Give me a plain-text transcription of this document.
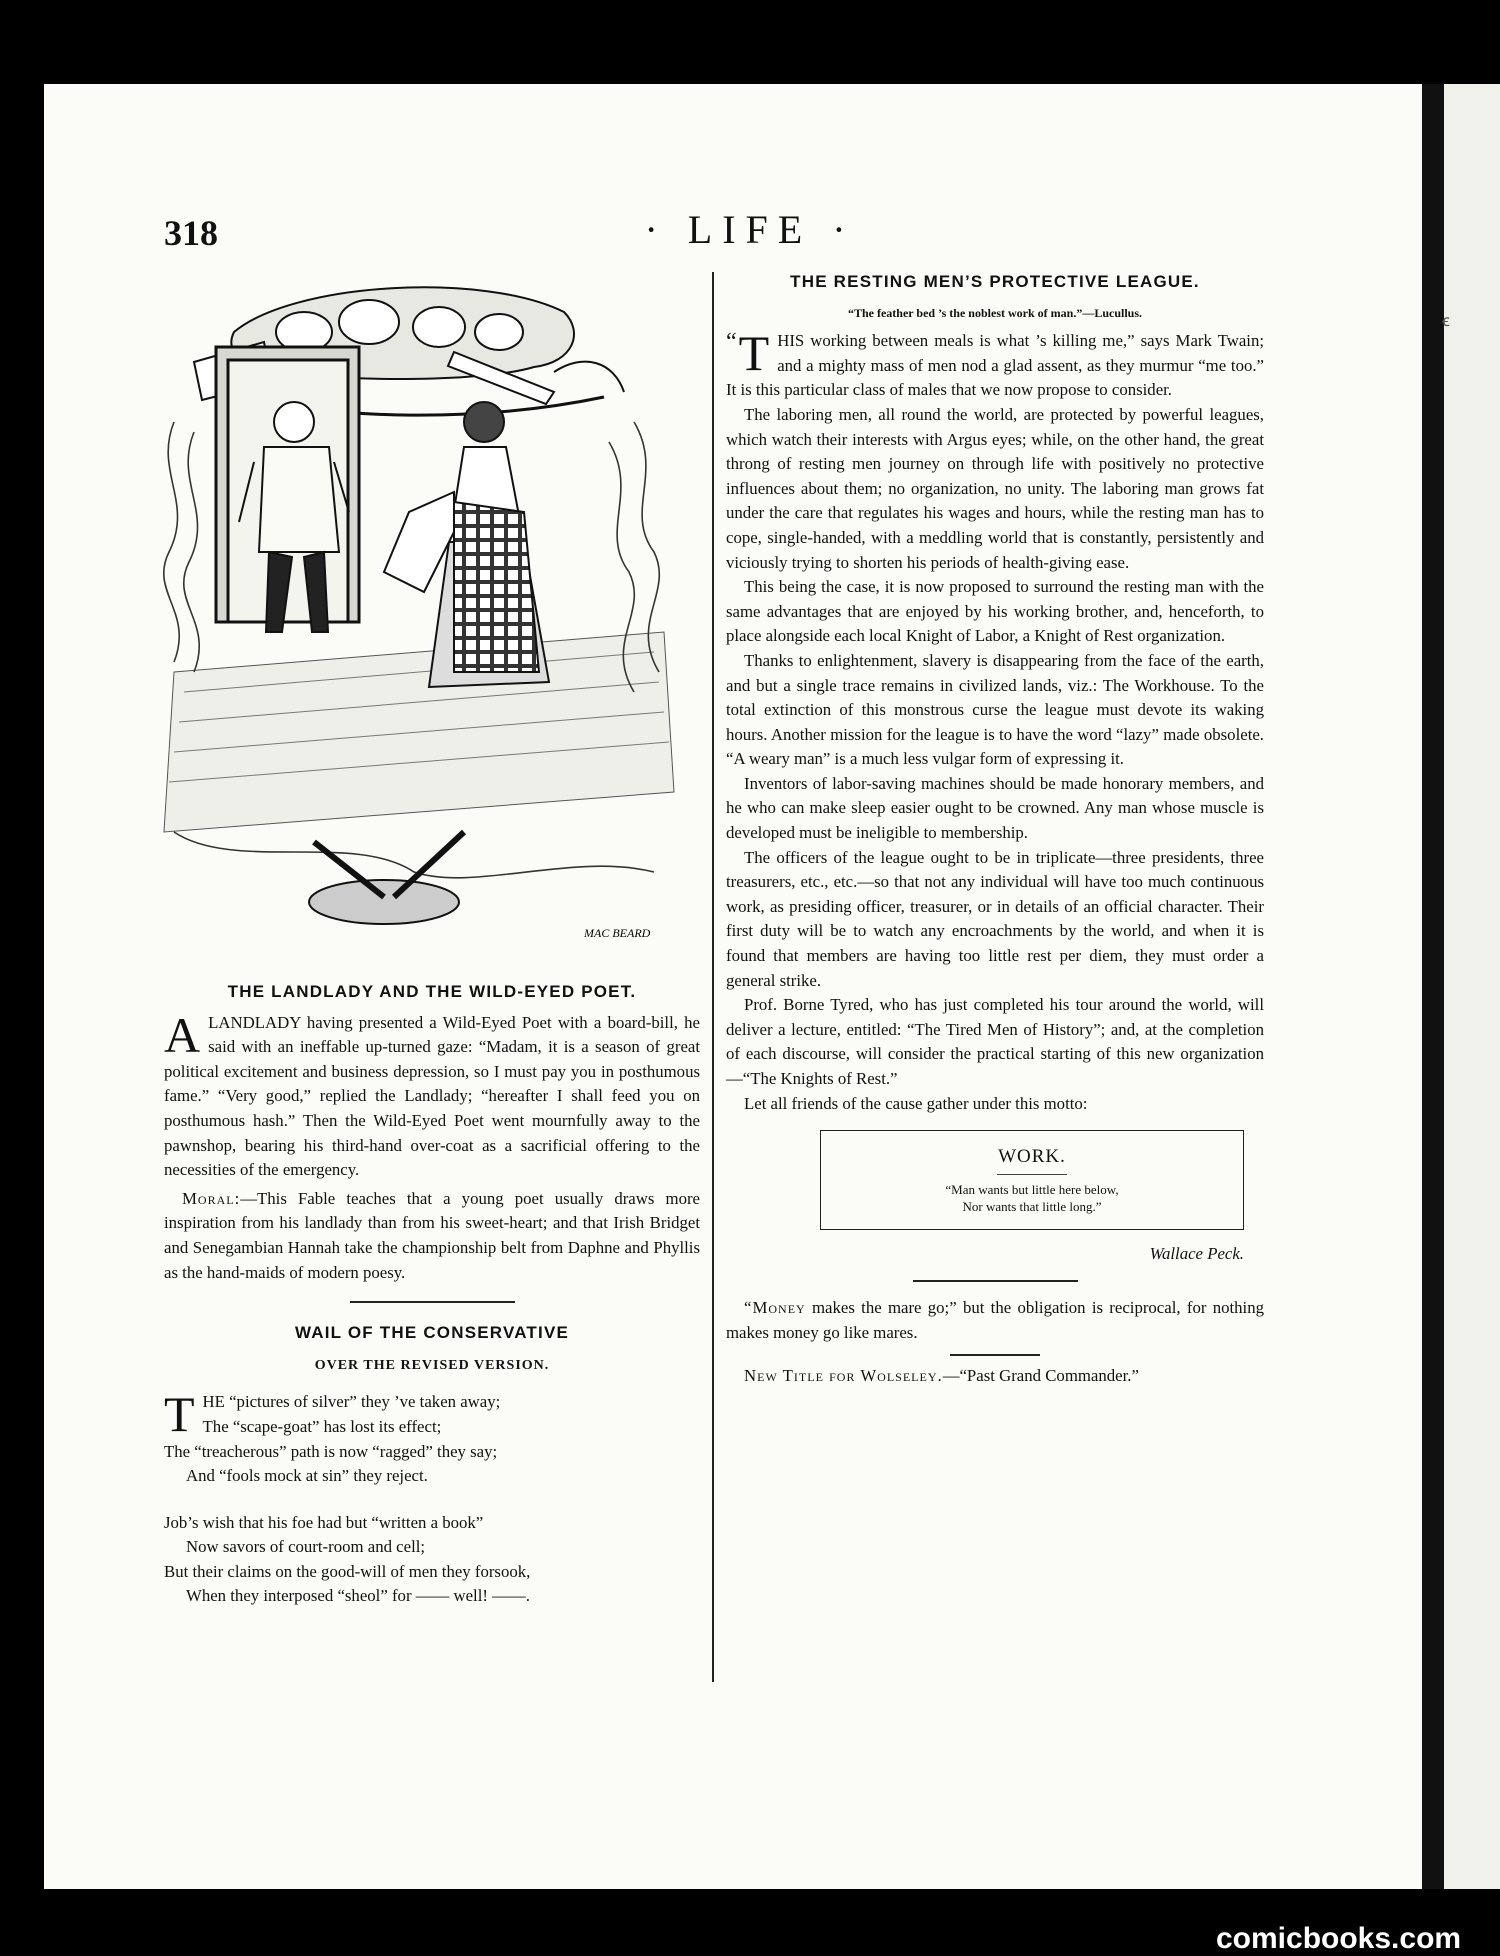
ꞓ
318	· LIFE ·
MAC BEARD
THE LANDLADY AND THE WILD-EYED POET.

ALANDLADY having presented a Wild-Eyed Poet with a board-bill, he said with an ineffable up-turned gaze: “Madam, it is a season of great political excitement and business depression, so I must pay you in posthumous fame.” “Very good,” replied the Landlady; “hereafter I shall feed you on posthumous hash.” Then the Wild-Eyed Poet went mournfully away to the pawnshop, bearing his third-hand over-coat as a sacrificial offering to the necessities of the emergency.

Moral:—This Fable teaches that a young poet usually draws more inspiration from his landlady than from his sweet-heart; and that Irish Bridget and Senegambian Hannah take the championship belt from Daphne and Phyllis as the hand-maids of modern poesy.

WAIL OF THE CONSERVATIVE
OVER THE REVISED VERSION.
T HE “pictures of silver” they ’ve taken away;
The “scape-goat” has lost its effect;
The “treacherous” path is now “ragged” they say;
And “fools mock at sin” they reject.
Job’s wish that his foe had but “written a book”
Now savors of court-room and cell;
But their claims on the good-will of men they forsook,
When they interposed “sheol” for —— well! ——.
THE RESTING MEN’S PROTECTIVE LEAGUE.
“The feather bed ’s the noblest work of man.”—Lucullus.

“ T HIS working between meals is what ’s killing me,” says Mark Twain; and a mighty mass of men nod a glad assent, as they murmur “me too.” It is this particular class of males that we now propose to consider.

The laboring men, all round the world, are protected by powerful leagues, which watch their interests with Argus eyes; while, on the other hand, the great throng of resting men journey on through life with positively no protective influences about them; no organization, no unity. The laboring man grows fat under the care that regulates his wages and hours, while the resting man has to cope, single-handed, with a meddling world that is constantly, persistently and viciously trying to shorten his periods of health-giving ease.

This being the case, it is now proposed to surround the resting man with the same advantages that are enjoyed by his working brother, and, henceforth, to place alongside each local Knight of Labor, a Knight of Rest organization.

Thanks to enlightenment, slavery is disappearing from the face of the earth, and but a single trace remains in civilized lands, viz.: The Workhouse. To the total extinction of this monstrous curse the league must devote its waking hours. Another mission for the league is to have the word “lazy” made obsolete. “A weary man” is a much less vulgar form of expressing it.

Inventors of labor-saving machines should be made honorary members, and he who can make sleep easier ought to be crowned. Any man whose muscle is developed must be ineligible to membership.

The officers of the league ought to be in triplicate—three presidents, three treasurers, etc., etc.—so that not any individual will have too much continuous work, as presiding officer, treasurer, or in details of an official character. Their first duty will be to watch any encroachments by the world, and when it is found that members are having too little rest per diem, they must order a general strike.

Prof. Borne Tyred, who has just completed his tour around the world, will deliver a lecture, entitled: “The Tired Men of History”; and, at the completion of each discourse, will consider the practical starting of this new organization—“The Knights of Rest.”

Let all friends of the cause gather under this motto:

WORK.
“Man wants but little here below,
Nor wants that little long.”
Wallace Peck.

“Money makes the mare go;” but the obligation is reciprocal, for nothing makes money go like mares.

New Title for Wolseley.—“Past Grand Commander.”

comicbooks.com
